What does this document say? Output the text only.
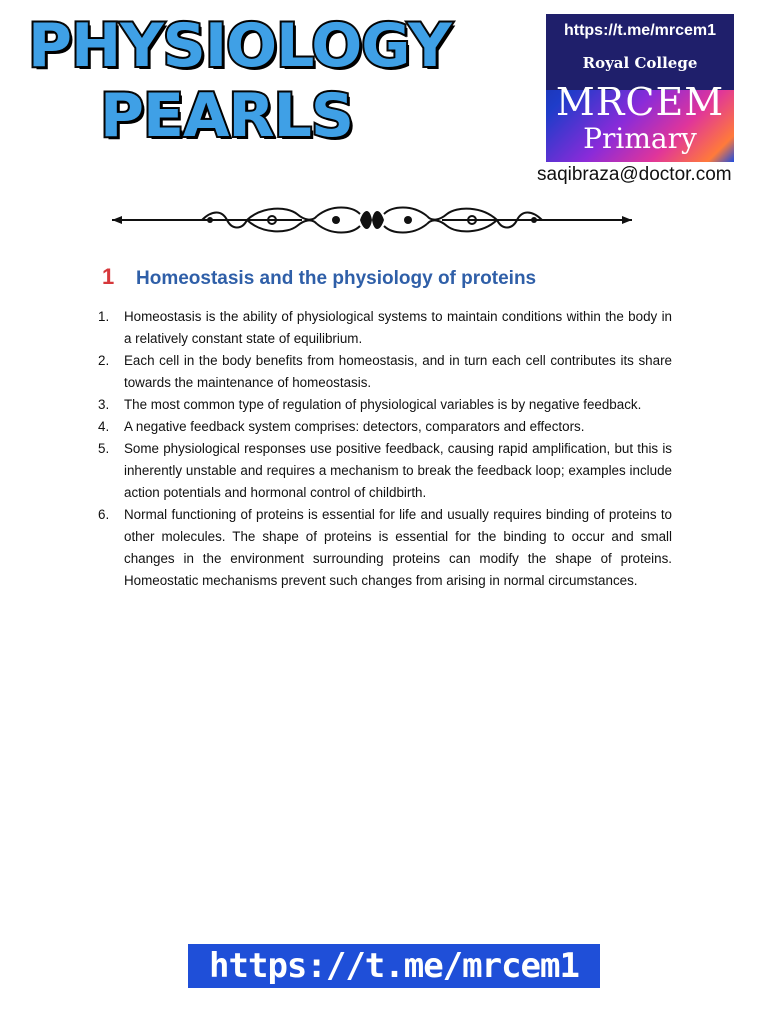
PHYSIOLOGY
PEARLS
https://t.me/mrcem1
Royal College
MRCEM
Primary
saqibraza@doctor.com
1	Homeostasis and the physiology of proteins
1.	Homeostasis is the ability of physiological systems to maintain conditions within the body in a relatively constant state of equilibrium.
2.	Each cell in the body benefits from homeostasis, and in turn each cell contributes its share towards the maintenance of homeostasis.
3.	The most common type of regulation of physiological variables is by negative feedback.
4.	A negative feedback system comprises: detectors, comparators and effectors.
5.	Some physiological responses use positive feedback, causing rapid amplification, but this is inherently unstable and requires a mechanism to break the feedback loop; examples include action potentials and hormonal control of childbirth.
6.	Normal functioning of proteins is essential for life and usually requires binding of proteins to other molecules. The shape of proteins is essential for the binding to occur and small changes in the environment surrounding proteins can modify the shape of proteins. Homeostatic mechanisms prevent such changes from arising in normal circumstances.
https://t.me/mrcem1
